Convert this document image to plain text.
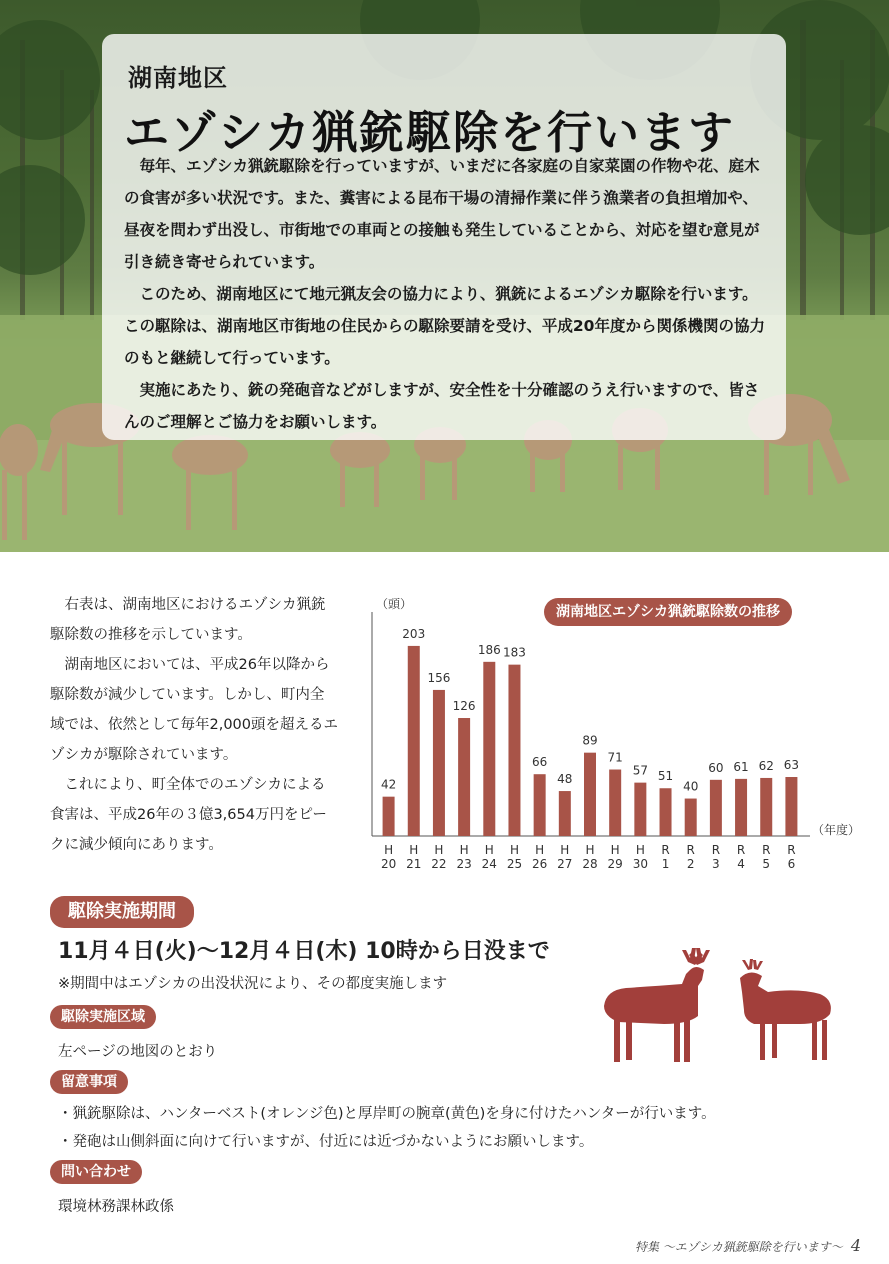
湖南地区
エゾシカ猟銃駆除を行います

毎年、エゾシカ猟銃駆除を行っていますが、いまだに各家庭の自家菜園の作物や花、庭木の食害が多い状況です。また、糞害による昆布干場の清掃作業に伴う漁業者の負担増加や、昼夜を問わず出没し、市街地での車両との接触も発生していることから、対応を望む意見が引き続き寄せられています。

このため、湖南地区にて地元猟友会の協力により、猟銃によるエゾシカ駆除を行います。この駆除は、湖南地区市街地の住民からの駆除要請を受け、平成20年度から関係機関の協力のもと継続して行っています。

実施にあたり、銃の発砲音などがしますが、安全性を十分確認のうえ行いますので、皆さんのご理解とご協力をお願いします。

右表は、湖南地区におけるエゾシカ猟銃駆除数の推移を示しています。

湖南地区においては、平成26年以降から駆除数が減少しています。しかし、町内全域では、依然として毎年2,000頭を超えるエゾシカが駆除されています。

これにより、町全体でのエゾシカによる食害は、平成26年の３億3,654万円をピークに減少傾向にあります。

（頭）
（年度）
42
H
20
203
H
21
156
H
22
126
H
23
186
H
24
183
H
25
66
H
26
48
H
27
89
H
28
71
H
29
57
H
30
51
R
1
40
R
2
60
R
3
61
R
4
62
R
5
63
R
6
湖南地区エゾシカ猟銃駆除数の推移
駆除実施期間
11月４日(火)～12月４日(木) 10時から日没まで
※期間中はエゾシカの出没状況により、その都度実施します
駆除実施区域
左ページの地図のとおり
留意事項
・猟銃駆除は、ハンターベスト(オレンジ色)と厚岸町の腕章(黄色)を身に付けたハンターが行います。
・発砲は山側斜面に向けて行いますが、付近には近づかないようにお願いします。
問い合わせ
環境林務課林政係
特集 ～エゾシカ猟銃駆除を行います～ 4
